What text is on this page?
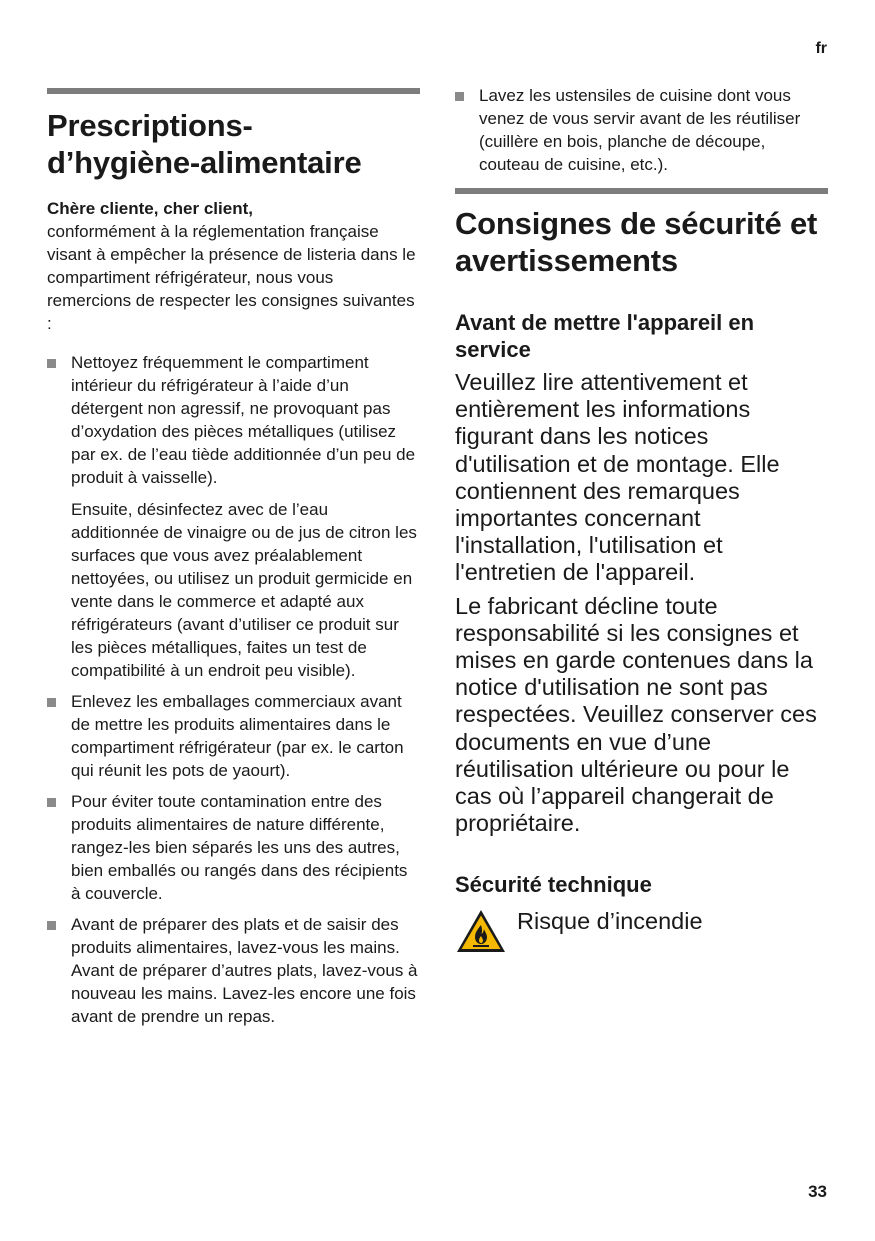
fr
Prescriptions-
d’hygiène-alimentaire
Chère cliente, cher client,
conformément à la réglementation française visant à empêcher la présence de listeria dans le compartiment réfrigérateur, nous vous remercions de respecter les consignes suivantes :
Nettoyez fréquemment le compartiment intérieur du réfrigérateur à l’aide d’un détergent non agressif, ne provoquant pas d’oxydation des pièces métalliques (utilisez par ex. de l’eau tiède additionnée d’un peu de produit à vaisselle).
Ensuite, désinfectez avec de l’eau additionnée de vinaigre ou de jus de citron les surfaces que vous avez préalablement nettoyées, ou utilisez un produit germicide en vente dans le commerce et adapté aux réfrigérateurs (avant d’utiliser ce produit sur les pièces métalliques, faites un test de compatibilité à un endroit peu visible).
Enlevez les emballages commerciaux avant de mettre les produits alimentaires dans le compartiment réfrigérateur (par ex. le carton qui réunit les pots de yaourt).
Pour éviter toute contamination entre des produits alimentaires de nature différente, rangez-les bien séparés les uns des autres, bien emballés ou rangés dans des récipients à couvercle.
Avant de préparer des plats et de saisir des produits alimentaires, lavez-vous les mains. Avant de préparer d’autres plats, lavez-vous à nouveau les mains. Lavez-les encore une fois avant de prendre un repas.
Lavez les ustensiles de cuisine dont vous venez de vous servir avant de les réutiliser (cuillère en bois, planche de découpe, couteau de cuisine, etc.).
Consignes de sécurité et avertissements
Avant de mettre l'appareil en service

Veuillez lire attentivement et entièrement les informations figurant dans les notices d'utilisation et de montage. Elle contiennent des remarques importantes concernant l'installation, l'utilisation et l'entretien de l'appareil.

Le fabricant décline toute responsabilité si les consignes et mises en garde contenues dans la notice d'utilisation ne sont pas respectées. Veuillez conserver ces documents en vue d’une réutilisation ultérieure ou pour le cas où l’appareil changerait de propriétaire.

Sécurité technique
Risque d’incendie
33
